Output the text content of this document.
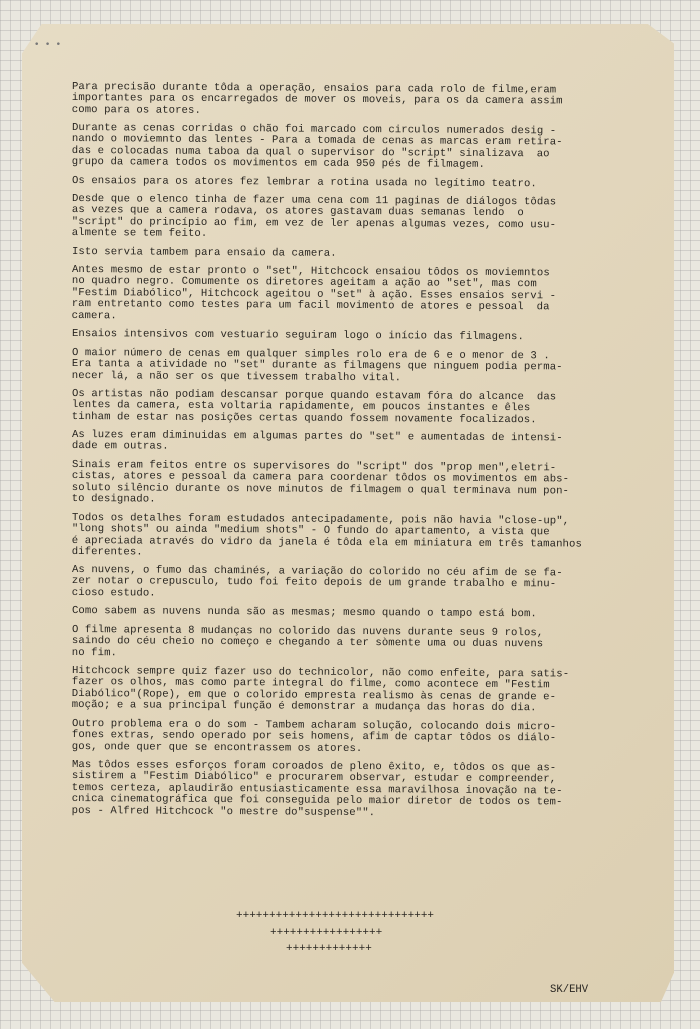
• • •

Para precisão durante tôda a operação, ensaios para cada rolo de filme,eram
importantes para os encarregados de mover os moveis, para os da camera assim
como para os atores.

Durante as cenas corridas o chão foi marcado com circulos numerados desig -
nando o moviemnto das lentes - Para a tomada de cenas as marcas eram retira-
das e colocadas numa taboa da qual o supervisor do "script" sinalizava  ao
grupo da camera todos os movimentos em cada 950 pés de filmagem.

Os ensaios para os atores fez lembrar a rotina usada no legítimo teatro.

Desde que o elenco tinha de fazer uma cena com 11 paginas de diálogos tôdas
as vezes que a camera rodava, os atores gastavam duas semanas lendo  o
"script" do princípio ao fim, em vez de ler apenas algumas vezes, como usu-
almente se tem feito.

Isto servia tambem para ensaio da camera.

Antes mesmo de estar pronto o "set", Hitchcock ensaiou tôdos os moviemntos
no quadro negro. Comumente os diretores ageitam a ação ao "set", mas com
"Festim Diabólico", Hitchcock ageitou o "set" à ação. Esses ensaios servi -
ram entretanto como testes para um facil movimento de atores e pessoal  da
camera.

Ensaios intensivos com vestuario seguiram logo o início das filmagens.

O maior número de cenas em qualquer simples rolo era de 6 e o menor de 3 .
Era tanta a atividade no "set" durante as filmagens que ninguem podia perma-
necer lá, a não ser os que tivessem trabalho vital.

Os artistas não podiam descansar porque quando estavam fóra do alcance  das
lentes da camera, esta voltaria rapidamente, em poucos instantes e êles
tinham de estar nas posições certas quando fossem novamente focalizados.

As luzes eram diminuidas em algumas partes do "set" e aumentadas de intensi-
dade em outras.

Sinais eram feitos entre os supervisores do "script" dos "prop men",eletri-
cistas, atores e pessoal da camera para coordenar tôdos os movimentos em abs-
soluto silêncio durante os nove minutos de filmagem o qual terminava num pon-
to designado.

Todos os detalhes foram estudados antecipadamente, pois não havia "close-up",
"long shots" ou ainda "medium shots" - O fundo do apartamento, a vista que
é apreciada através do vidro da janela é tôda ela em miniatura em três tamanhos
diferentes.

As nuvens, o fumo das chaminés, a variação do colorido no céu afim de se fa-
zer notar o crepusculo, tudo foi feito depois de um grande trabalho e minu-
cioso estudo.

Como sabem as nuvens nunda são as mesmas; mesmo quando o tampo está bom.

O filme apresenta 8 mudanças no colorido das nuvens durante seus 9 rolos,
saindo do céu cheio no começo e chegando a ter sòmente uma ou duas nuvens
no fim.

Hitchcock sempre quiz fazer uso do technicolor, não como enfeite, para satis-
fazer os olhos, mas como parte integral do filme, como acontece em "Festim
Diabólico"(Rope), em que o colorido empresta realismo às cenas de grande e-
moção; e a sua principal função é demonstrar a mudança das horas do dia.

Outro problema era o do som - Tambem acharam solução, colocando dois micro-
fones extras, sendo operado por seis homens, afim de captar tôdos os diálo-
gos, onde quer que se encontrassem os atores.

Mas tôdos esses esforços foram coroados de pleno êxito, e, tôdos os que as-
sistirem a "Festim Diabólico" e procurarem observar, estudar e compreender,
temos certeza, aplaudirão entusiasticamente essa maravilhosa inovação na te-
cnica cinematográfica que foi conseguida pelo maior diretor de todos os tem-
pos - Alfred Hitchcock "o mestre do"suspense"".

++++++++++++++++++++++++++++++
+++++++++++++++++
+++++++++++++
SK/EHV
